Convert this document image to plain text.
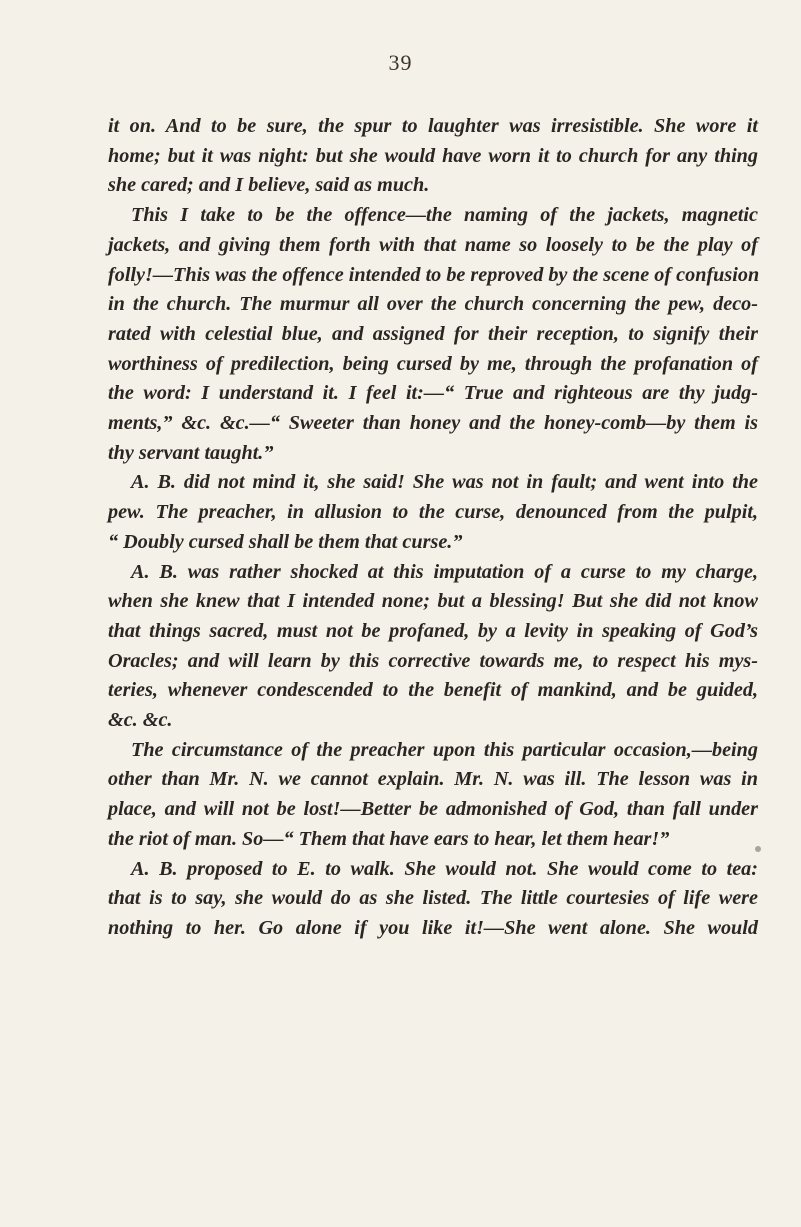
39
it on. And to be sure, the spur to laughter was irresistible. She wore it
home; but it was night: but she would have worn it to church for any thing
she cared; and I believe, said as much.
This I take to be the offence—the naming of the jackets, magnetic
jackets, and giving them forth with that name so loosely to be the play of
folly!—This was the offence intended to be reproved by the scene of confusion
in the church. The murmur all over the church concerning the pew, deco-
rated with celestial blue, and assigned for their reception, to signify their
worthiness of predilection, being cursed by me, through the profanation of
the word: I understand it. I feel it:—“ True and righteous are thy judg-
ments,” &c. &c.—“ Sweeter than honey and the honey-comb—by them is
thy servant taught.”
A. B. did not mind it, she said! She was not in fault; and went into the
pew. The preacher, in allusion to the curse, denounced from the pulpit,
“ Doubly cursed shall be them that curse.”
A. B. was rather shocked at this imputation of a curse to my charge,
when she knew that I intended none; but a blessing! But she did not know
that things sacred, must not be profaned, by a levity in speaking of God’s
Oracles; and will learn by this corrective towards me, to respect his mys-
teries, whenever condescended to the benefit of mankind, and be guided,
&c. &c.
The circumstance of the preacher upon this particular occasion,—being
other than Mr. N. we cannot explain. Mr. N. was ill. The lesson was in
place, and will not be lost!—Better be admonished of God, than fall under
the riot of man. So—“ Them that have ears to hear, let them hear!”
A. B. proposed to E. to walk. She would not. She would come to tea:
that is to say, she would do as she listed. The little courtesies of life were
nothing to her. Go alone if you like it!—She went alone. She would
